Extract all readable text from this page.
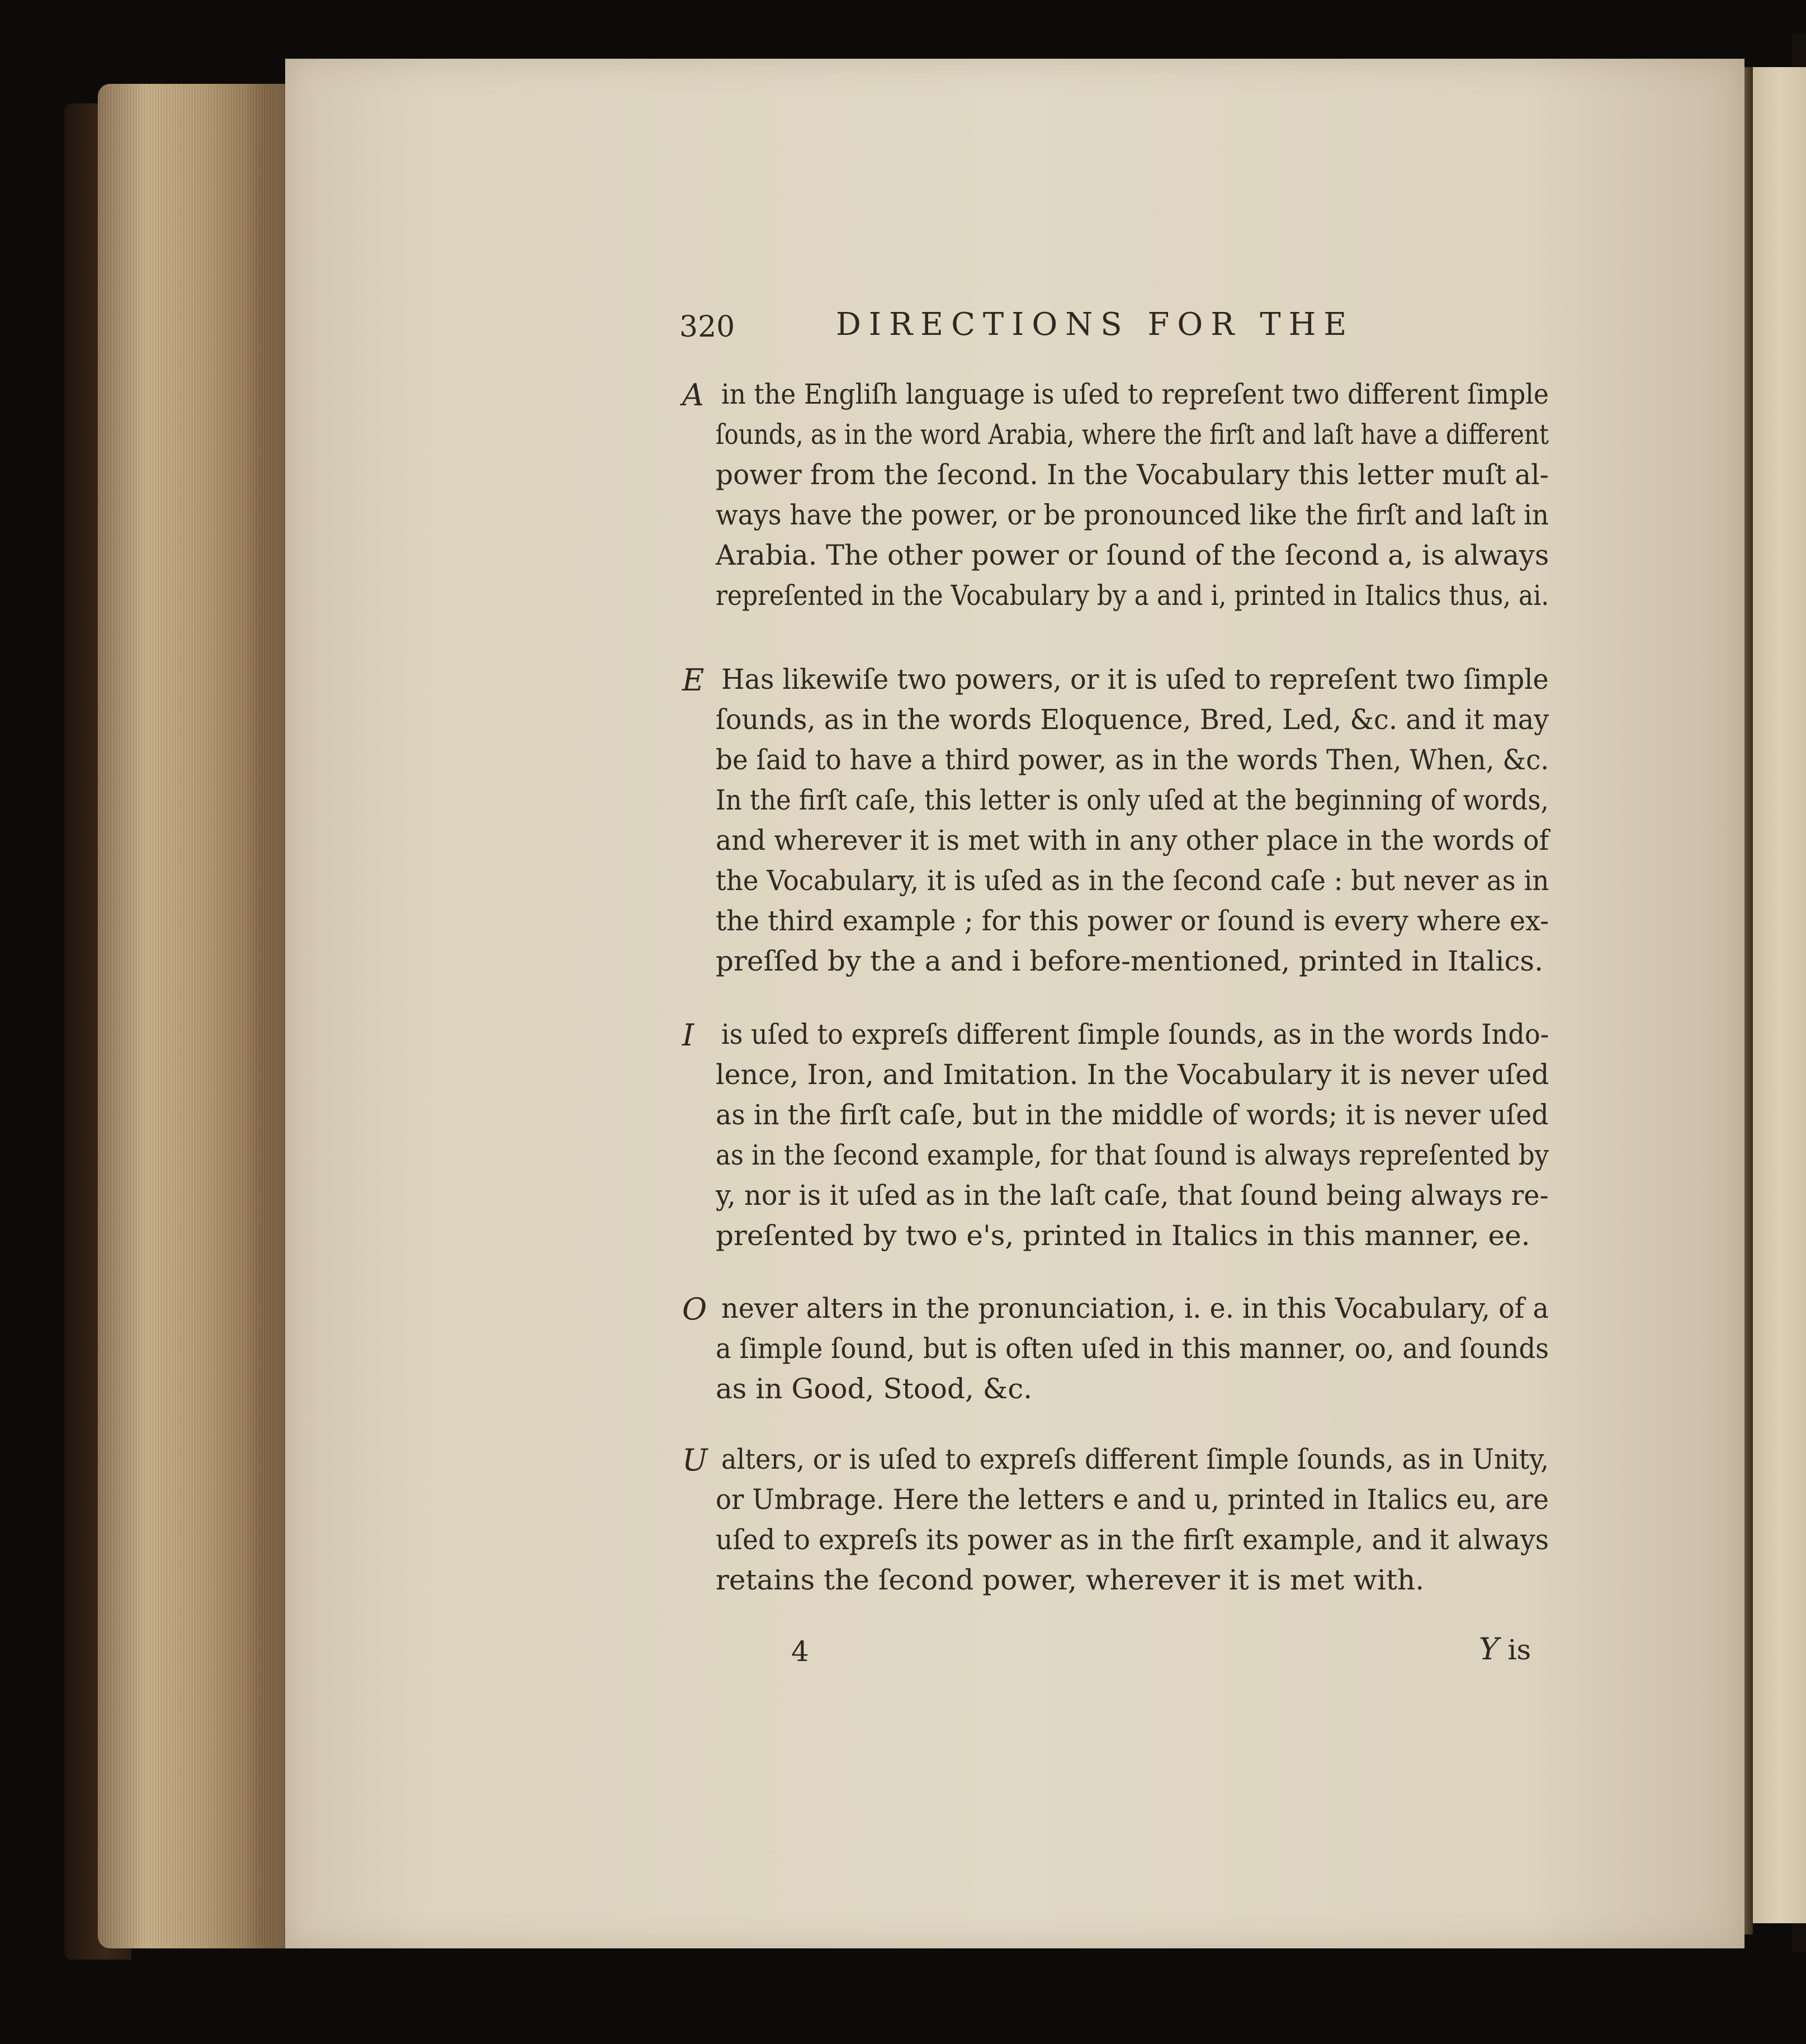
320	DIRECTIONS FOR THE
A in the Engliſh language is uſed to repreſent two different ſimple
ſounds, as in the word Arabia, where the firſt and laſt have a different
power from the ſecond. In the Vocabulary this letter muſt al-
ways have the power, or be pronounced like the firſt and laſt in
Arabia. The other power or ſound of the ſecond a, is always
repreſented in the Vocabulary by a and i, printed in Italics thus, ai.
E Has likewiſe two powers, or it is uſed to repreſent two ſimple
ſounds, as in the words Eloquence, Bred, Led, &c. and it may
be ſaid to have a third power, as in the words Then, When, &c.
In the firſt caſe, this letter is only uſed at the beginning of words,
and wherever it is met with in any other place in the words of
the Vocabulary, it is uſed as in the ſecond caſe : but never as in
the third example ; for this power or ſound is every where ex-
preſſed by the a and i before-mentioned, printed in Italics.
I is uſed to expreſs different ſimple ſounds, as in the words Indo-
lence, Iron, and Imitation. In the Vocabulary it is never uſed
as in the firſt caſe, but in the middle of words; it is never uſed
as in the ſecond example, for that ſound is always repreſented by
y, nor is it uſed as in the laſt caſe, that ſound being always re-
preſented by two e's, printed in Italics in this manner, ee.
O never alters in the pronunciation, i. e. in this Vocabulary, of a
a ſimple ſound, but is often uſed in this manner, oo, and ſounds
as in Good, Stood, &c.
U alters, or is uſed to expreſs different ſimple ſounds, as in Unity,
or Umbrage. Here the letters e and u, printed in Italics eu, are
uſed to expreſs its power as in the firſt example, and it always
retains the ſecond power, wherever it is met with.
4	Y is
